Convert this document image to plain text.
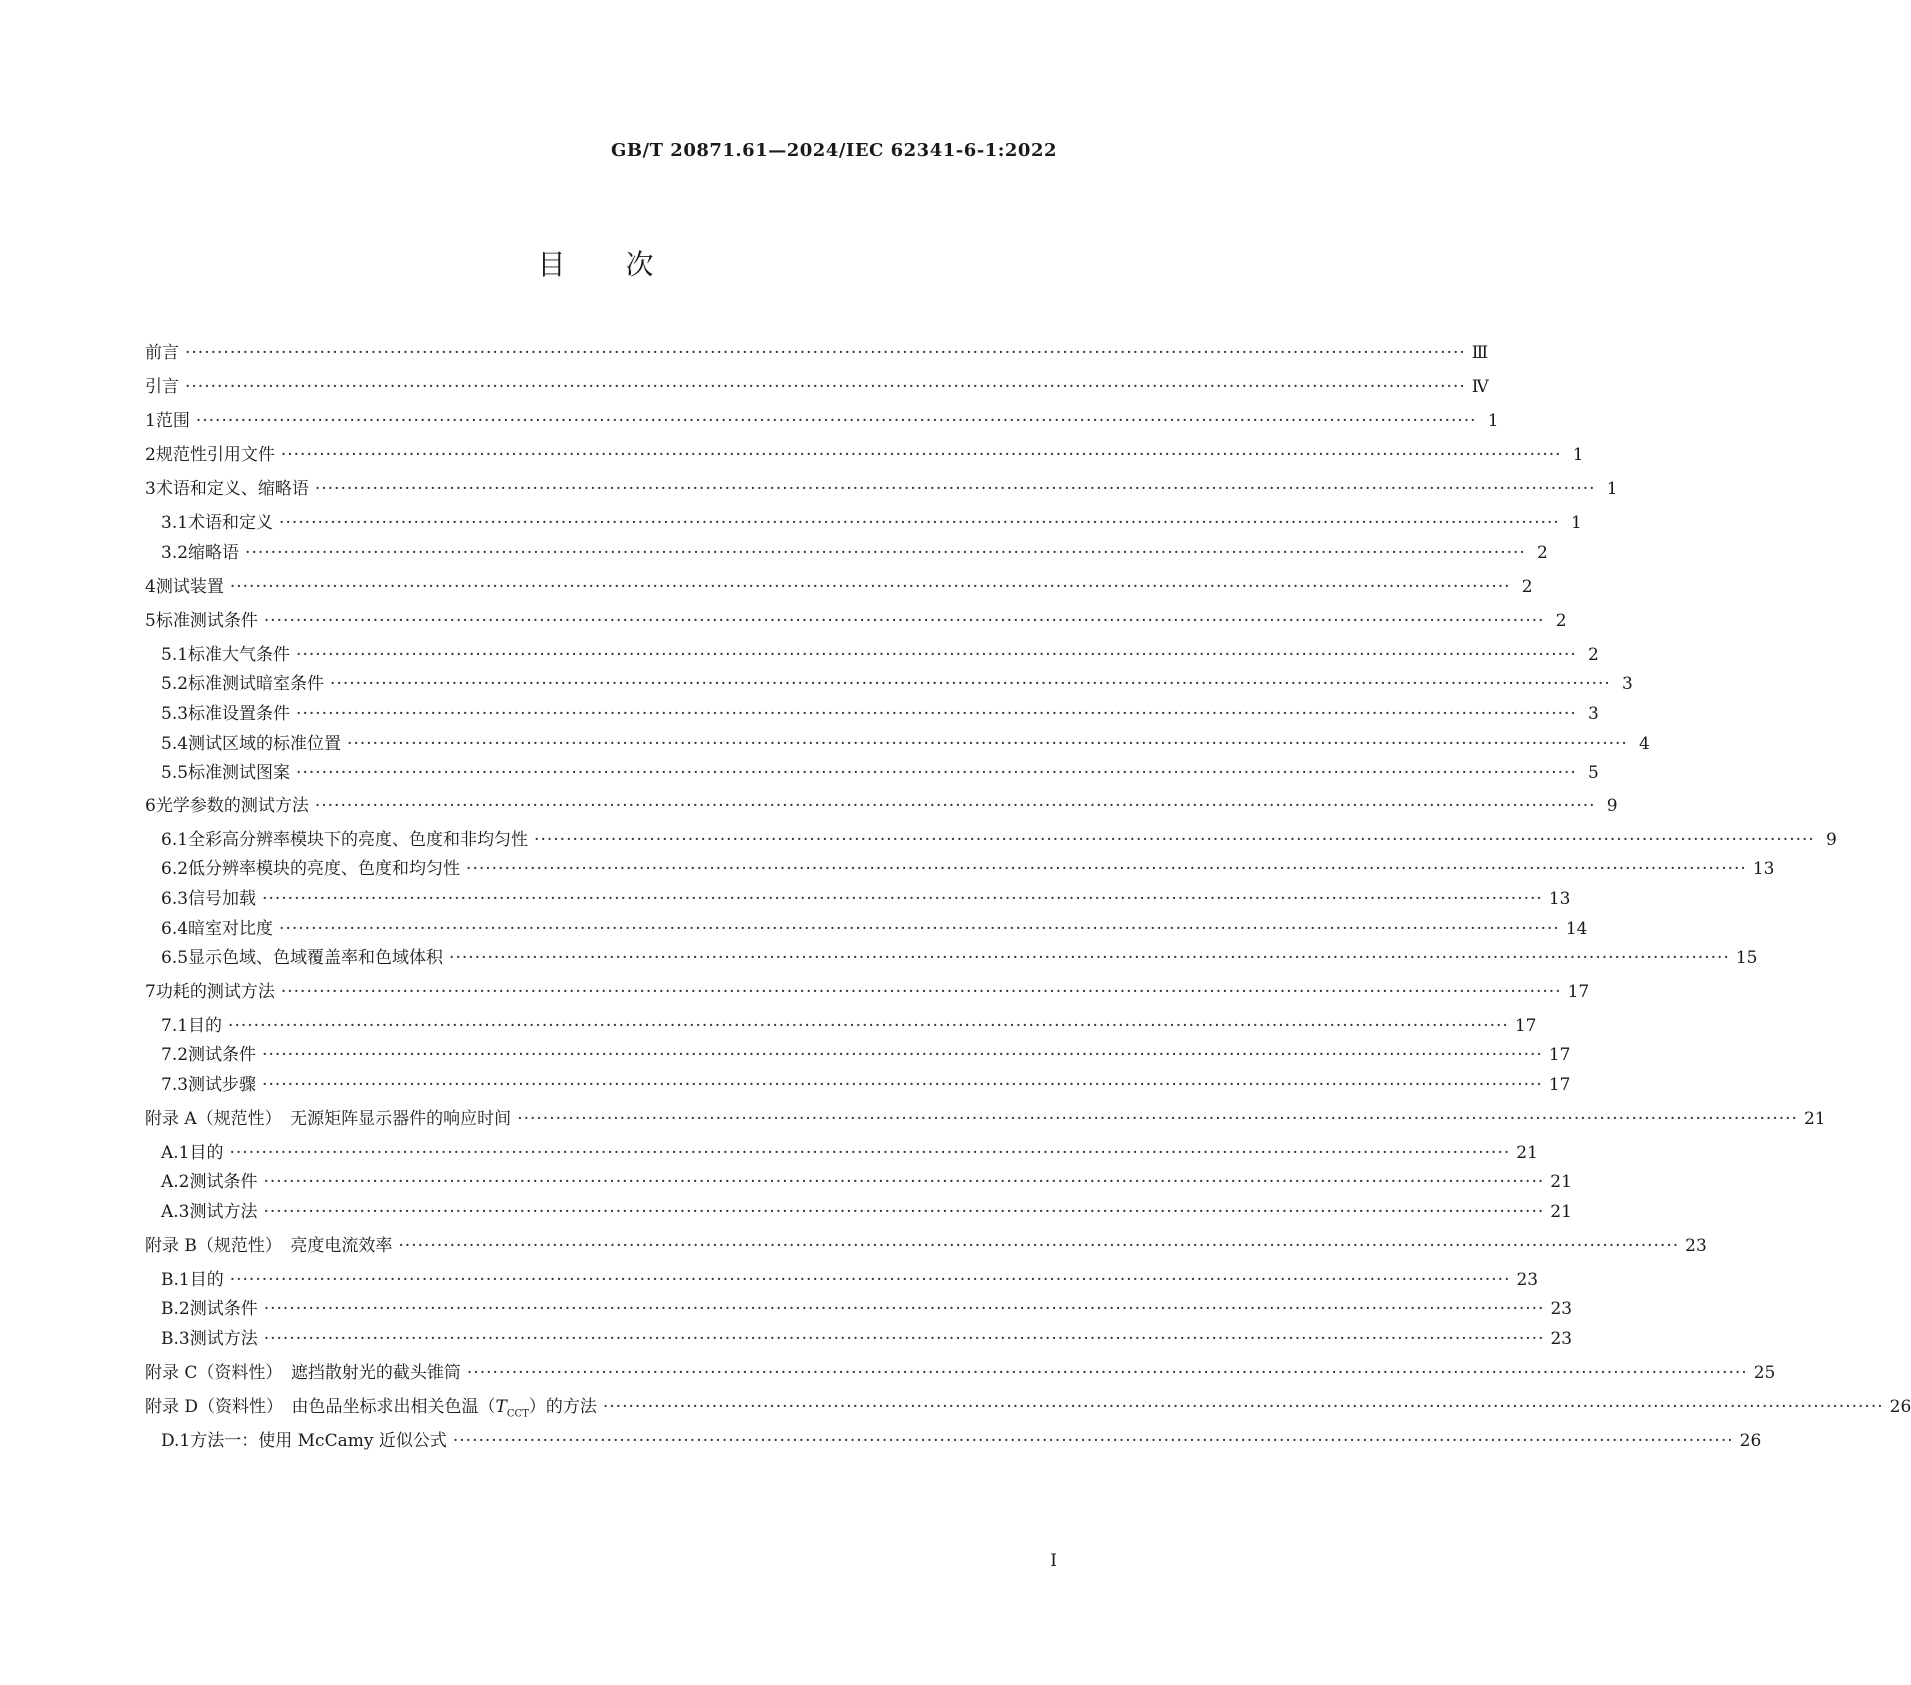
GB/T 20871.61—2024/IEC 62341-6-1:2022
目次
前言 ········································································································································································································ Ⅲ
引言 ········································································································································································································ Ⅳ
1 范围 ········································································································································································································ 1
2 规范性引用文件 ········································································································································································································ 1
3 术语和定义、缩略语 ········································································································································································································ 1
3.1 术语和定义 ········································································································································································································ 1
3.2 缩略语 ········································································································································································································ 2
4 测试装置 ········································································································································································································ 2
5 标准测试条件 ········································································································································································································ 2
5.1 标准大气条件 ········································································································································································································ 2
5.2 标准测试暗室条件 ········································································································································································································ 3
5.3 标准设置条件 ········································································································································································································ 3
5.4 测试区域的标准位置 ········································································································································································································ 4
5.5 标准测试图案 ········································································································································································································ 5
6 光学参数的测试方法 ········································································································································································································ 9
6.1 全彩高分辨率模块下的亮度、色度和非均匀性 ········································································································································································································ 9
6.2 低分辨率模块的亮度、色度和均匀性 ········································································································································································································ 13
6.3 信号加载 ········································································································································································································ 13
6.4 暗室对比度 ········································································································································································································ 14
6.5 显示色域、色域覆盖率和色域体积 ········································································································································································································ 15
7 功耗的测试方法 ········································································································································································································ 17
7.1 目的 ········································································································································································································ 17
7.2 测试条件 ········································································································································································································ 17
7.3 测试步骤 ········································································································································································································ 17
附录 A（规范性）　无源矩阵显示器件的响应时间 ········································································································································································································ 21
A.1 目的 ········································································································································································································ 21
A.2 测试条件 ········································································································································································································ 21
A.3 测试方法 ········································································································································································································ 21
附录 B（规范性）　亮度电流效率 ········································································································································································································ 23
B.1 目的 ········································································································································································································ 23
B.2 测试条件 ········································································································································································································ 23
B.3 测试方法 ········································································································································································································ 23
附录 C（资料性）　遮挡散射光的截头锥筒 ········································································································································································································ 25
附录 D（资料性）　由色品坐标求出相关色温$(T_{CCT})$的方法 ········································································································································································································ 26
D.1 方法一：使用 McCamy 近似公式 ········································································································································································································ 26
I
